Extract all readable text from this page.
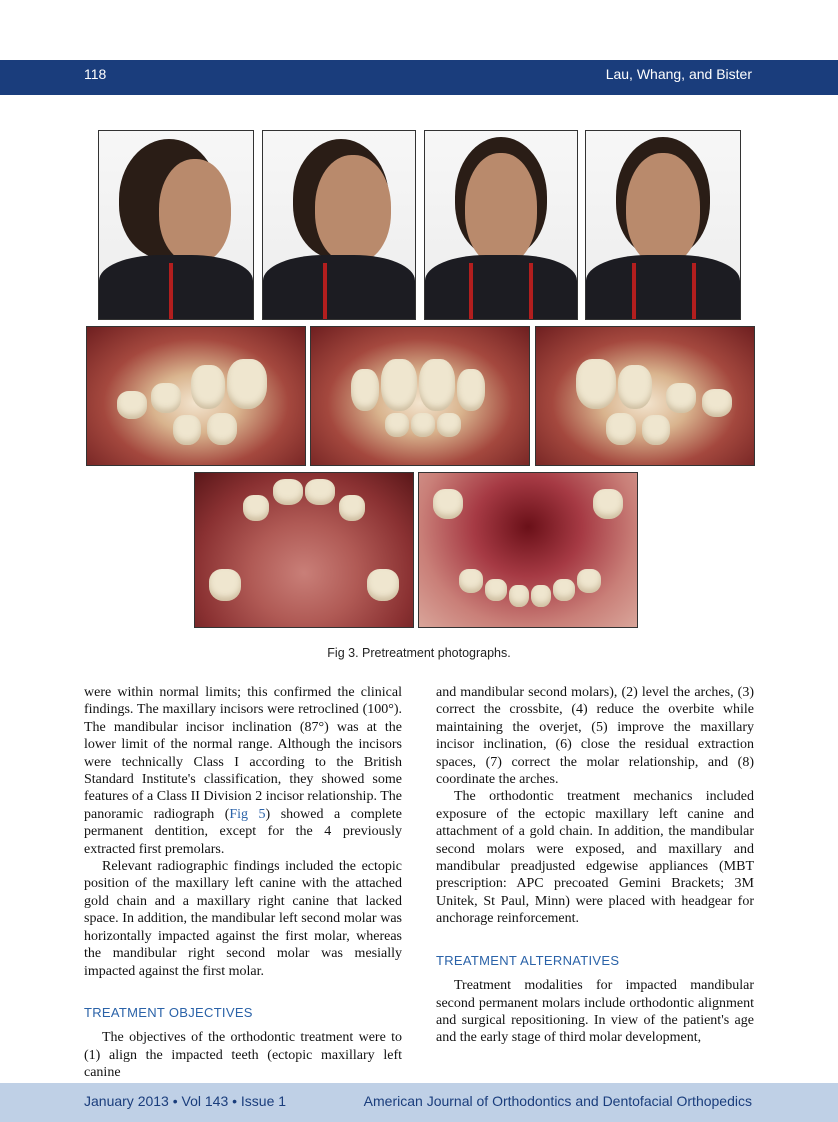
118	Lau, Whang, and Bister
Fig 3. Pretreatment photographs.

were within normal limits; this confirmed the clinical findings. The maxillary incisors were retroclined (100°). The mandibular incisor inclination (87°) was at the lower limit of the normal range. Although the incisors were technically Class I according to the British Standard Institute's classification, they showed some features of a Class II Division 2 incisor relationship. The panoramic radiograph (Fig 5) showed a complete permanent dentition, except for the 4 previously extracted first premolars.

Relevant radiographic findings included the ectopic position of the maxillary left canine with the attached gold chain and a maxillary right canine that lacked space. In addition, the mandibular left second molar was horizontally impacted against the first molar, whereas the mandibular right second molar was mesially impacted against the first molar.

TREATMENT OBJECTIVES

The objectives of the orthodontic treatment were to (1) align the impacted teeth (ectopic maxillary left canine

and mandibular second molars), (2) level the arches, (3) correct the crossbite, (4) reduce the overbite while maintaining the overjet, (5) improve the maxillary incisor inclination, (6) close the residual extraction spaces, (7) correct the molar relationship, and (8) coordinate the arches.

The orthodontic treatment mechanics included exposure of the ectopic maxillary left canine and attachment of a gold chain. In addition, the mandibular second molars were exposed, and maxillary and mandibular preadjusted edgewise appliances (MBT prescription: APC precoated Gemini Brackets; 3M Unitek, St Paul, Minn) were placed with headgear for anchorage reinforcement.

TREATMENT ALTERNATIVES

Treatment modalities for impacted mandibular second permanent molars include orthodontic alignment and surgical repositioning. In view of the patient's age and the early stage of third molar development,

January 2013 • Vol 143 • Issue 1	American Journal of Orthodontics and Dentofacial Orthopedics
